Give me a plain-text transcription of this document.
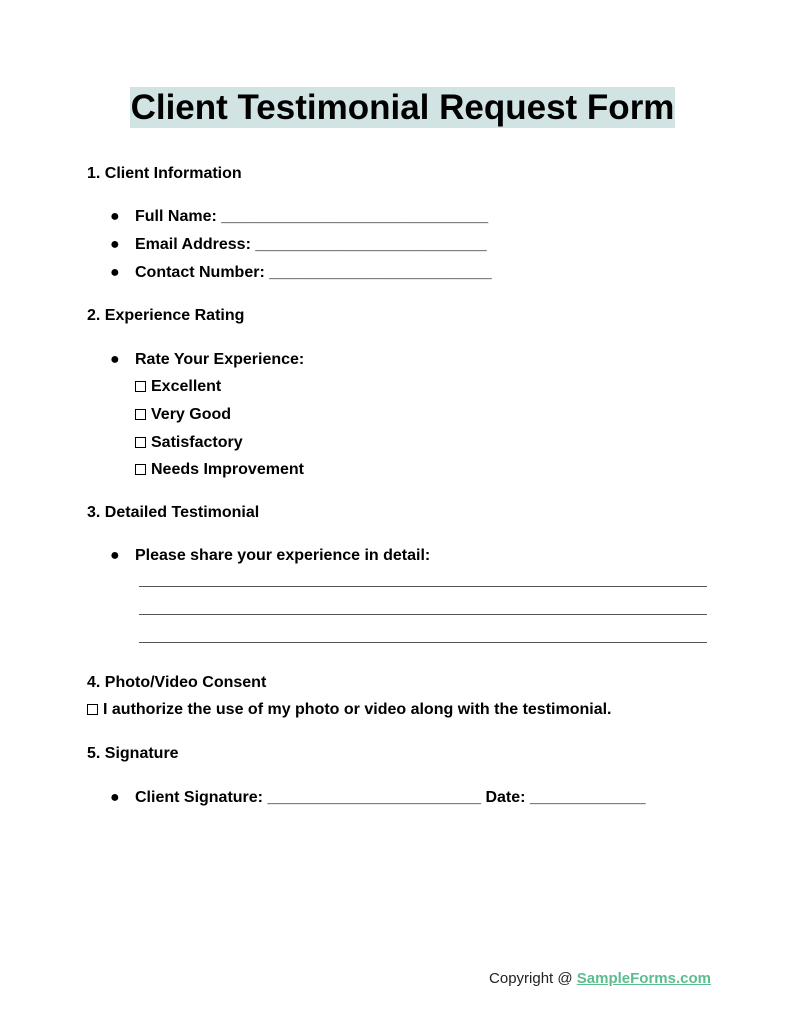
Client Testimonial Request Form
1. Client Information
● Full Name: ______________________________
● Email Address: __________________________
● Contact Number: _________________________
2. Experience Rating
● Rate Your Experience:
Excellent
Very Good
Satisfactory
Needs Improvement
3. Detailed Testimonial
● Please share your experience in detail:
4. Photo/Video Consent
I authorize the use of my photo or video along with the testimonial.
5. Signature
● Client Signature: ________________________ Date: _____________
Copyright @ SampleForms.com
